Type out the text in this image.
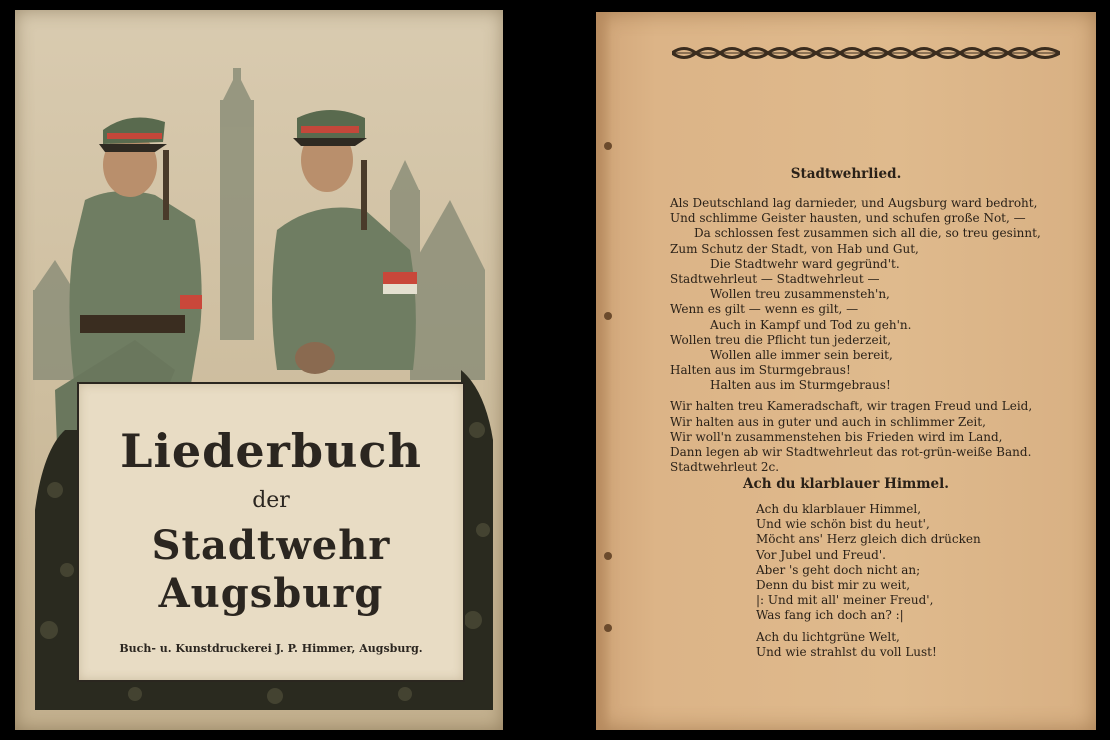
Liederbuch
der
Stadtwehr
Augsburg
Buch- u. Kunstdruckerei J. P. Himmer, Augsburg.
Stadtwehrlied.
Als Deutschland lag darnieder, und Augsburg ward bedroht,
Und schlimme Geister hausten, und schufen große Not, —
Da schlossen fest zusammen sich all die, so treu gesinnt,
Zum Schutz der Stadt, von Hab und Gut,
Die Stadtwehr ward gegründ't.
Stadtwehrleut — Stadtwehrleut —
Wollen treu zusammensteh'n,
Wenn es gilt — wenn es gilt, —
Auch in Kampf und Tod zu geh'n.
Wollen treu die Pflicht tun jederzeit,
Wollen alle immer sein bereit,
Halten aus im Sturmgebraus!
Halten aus im Sturmgebraus!
Wir halten treu Kameradschaft, wir tragen Freud und Leid,
Wir halten aus in guter und auch in schlimmer Zeit,
Wir woll'n zusammenstehen bis Frieden wird im Land,
Dann legen ab wir Stadtwehrleut das rot-grün-weiße Band.
Stadtwehrleut 2c.
Ach du klarblauer Himmel.
Ach du klarblauer Himmel,
Und wie schön bist du heut',
Möcht ans' Herz gleich dich drücken
Vor Jubel und Freud'.
Aber 's geht doch nicht an;
Denn du bist mir zu weit,
|: Und mit all' meiner Freud',
Was fang ich doch an? :|
Ach du lichtgrüne Welt,
Und wie strahlst du voll Lust!
